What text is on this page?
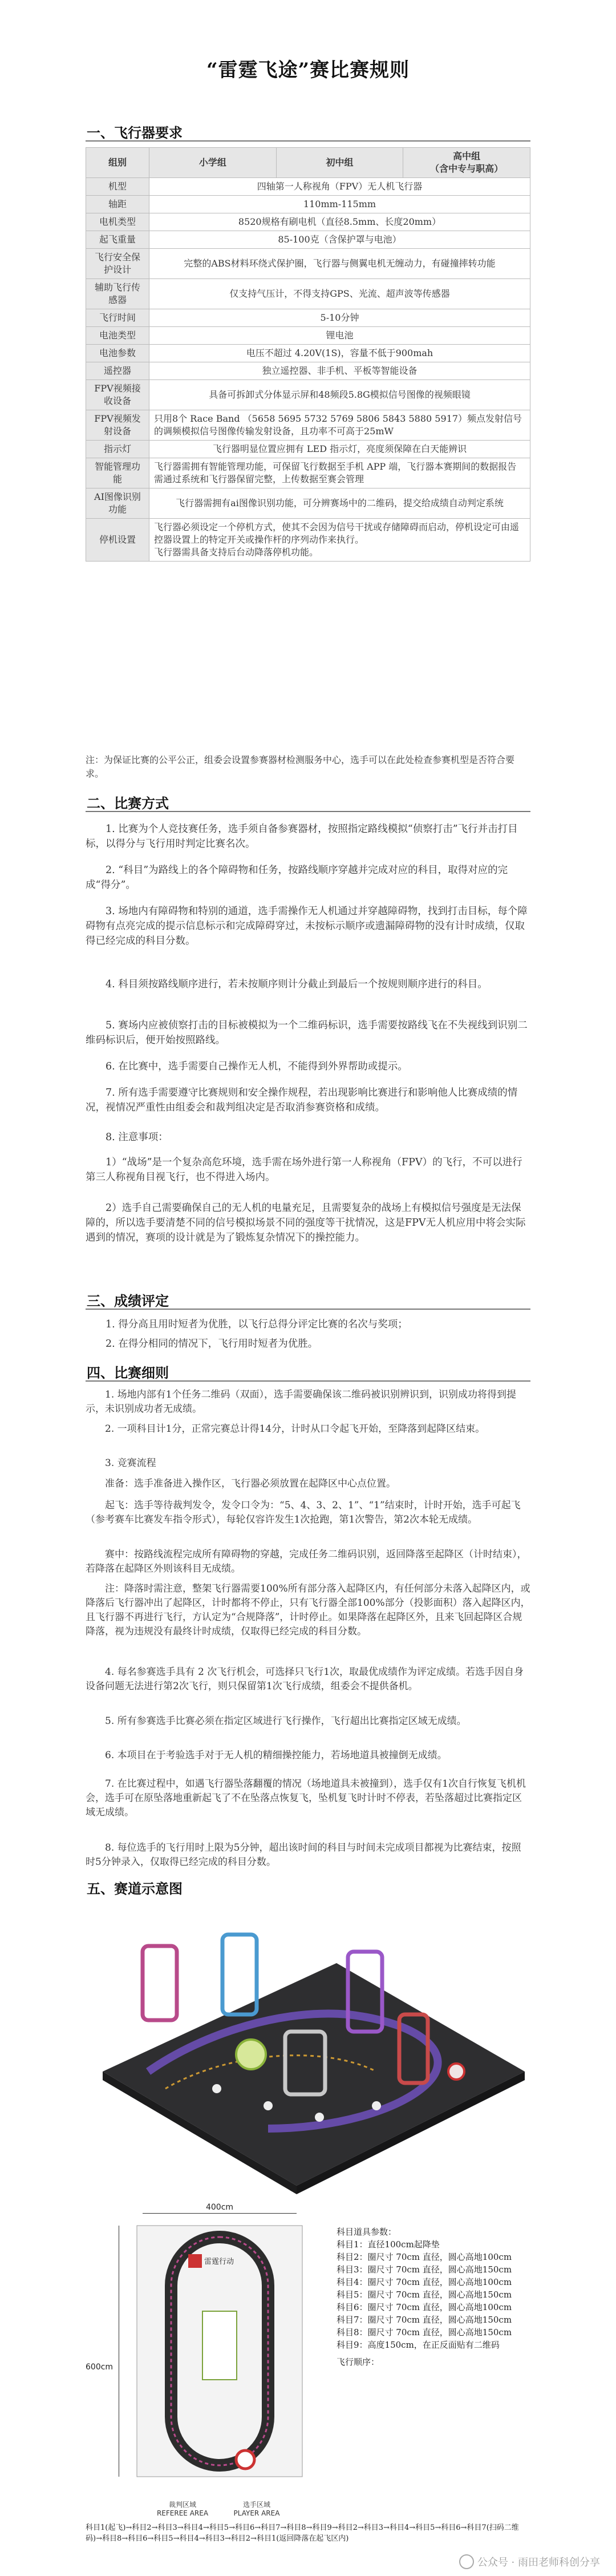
“雷霆飞途”赛比赛规则
一、飞行器要求
组别	小学组	初中组	高中组
（含中专与职高）
机型	四轴第一人称视角（FPV）无人机飞行器		
轴距	110mm-115mm		
电机类型	8520规格有刷电机（直径8.5mm、长度20mm）		
起飞重量	85-100克（含保护罩与电池）		
飞行安全保护设计	完整的ABS材料环绕式保护圈，飞行器与侧翼电机无缠动力，有碰撞摔转功能		
辅助飞行传感器	仅支持气压计，不得支持GPS、光流、超声波等传感器		
飞行时间	5-10分钟		
电池类型	锂电池		
电池参数	电压不超过 4.20V(1S)，容量不低于900mah		
遥控器	独立遥控器、非手机、平板等智能设备		
FPV视频接收设备	具备可拆卸式分体显示屏和48频段5.8G模拟信号图像的视频眼镜		
FPV视频发射设备	只用8个 Race Band （5658 5695 5732 5769 5806 5843 5880 5917）频点发射信号的调频模拟信号图像传输发射设备，且功率不可高于25mW		
指示灯	飞行器明显位置应拥有 LED 指示灯，亮度须保障在白天能辨识		
智能管理功能	飞行器需拥有智能管理功能，可保留飞行数据至手机 APP 端，飞行器本赛期间的数据报告需通过系统和飞行器保留完整，上传数据至赛会管理		
AI图像识别功能	飞行器需拥有ai图像识别功能，可分辨赛场中的二维码，提交给成绩自动判定系统		
停机设置	飞行器必须设定一个停机方式，使其不会因为信号干扰或存储障碍而启动，停机设定可由遥控器设置上的特定开关或操作杆的序列动作来执行。
飞行器需具备支持后台动降落停机功能。		
注：为保证比赛的公平公正，组委会设置参赛器材检测服务中心，选手可以在此处检查参赛机型是否符合要求。
二、比赛方式

1. 比赛为个人竞技赛任务，选手须自备参赛器材，按照指定路线模拟“侦察打击”飞行并击打目标，以得分与飞行用时判定比赛名次。

2. “科目”为路线上的各个障碍物和任务，按路线顺序穿越并完成对应的科目，取得对应的完成“得分”。

3. 场地内有障碍物和特别的通道，选手需操作无人机通过并穿越障碍物，找到打击目标，每个障碍物有点亮完成的提示信息标示和完成障碍穿过，未按标示顺序或遗漏障碍物的没有计时成绩，仅取得已经完成的科目分数。

4. 科目须按路线顺序进行，若未按顺序则计分截止到最后一个按规则顺序进行的科目。

5. 赛场内应被侦察打击的目标被模拟为一个二维码标识，选手需要按路线飞在不失视线到识别二维码标识后，便开始按照路线。

6. 在比赛中，选手需要自己操作无人机，不能得到外界帮助或提示。

7. 所有选手需要遵守比赛规则和安全操作规程，若出现影响比赛进行和影响他人比赛成绩的情况，视情况严重性由组委会和裁判组决定是否取消参赛资格和成绩。

8. 注意事项：

1）“战场”是一个复杂高危环境，选手需在场外进行第一人称视角（FPV）的飞行，不可以进行第三人称视角目视飞行，也不得进入场内。

2）选手自己需要确保自己的无人机的电量充足，且需要复杂的战场上有模拟信号强度是无法保障的，所以选手要清楚不同的信号模拟场景不同的强度等干扰情况，这是FPV无人机应用中将会实际遇到的情况，赛项的设计就是为了锻炼复杂情况下的操控能力。

三、成绩评定

1. 得分高且用时短者为优胜，以飞行总得分评定比赛的名次与奖项；

2. 在得分相同的情况下，飞行用时短者为优胜。

四、比赛细则

1. 场地内部有1个任务二维码（双面），选手需要确保该二维码被识别辨识到，识别成功将得到提示，未识别成功者无成绩。

2. 一项科目计1分，正常完赛总计得14分，计时从口令起飞开始，至降落到起降区结束。

3. 竞赛流程

准备：选手准备进入操作区，飞行器必须放置在起降区中心点位置。

起飞：选手等待裁判发令，发令口令为：“5、4、3、2、1”、“1”结束时，计时开始，选手可起飞（参考赛车比赛发车指令形式），每轮仅容许发生1次抢跑，第1次警告，第2次本轮无成绩。

赛中：按路线流程完成所有障碍物的穿越，完成任务二维码识别，返回降落至起降区（计时结束），若降落在起降区外则该科目无成绩。

注：降落时需注意，整架飞行器需要100%所有部分落入起降区内，有任何部分未落入起降区内，或降落后飞行器冲出了起降区，计时都将不停止，只有飞行器全部100%部分（投影面积）落入起降区内，且飞行器不再进行飞行，方认定为“合规降落”，计时停止。如果降落在起降区外，且来飞回起降区合规降落，视为违规没有最终计时成绩，仅取得已经完成的科目分数。

4. 每名参赛选手具有 2 次飞行机会，可选择只飞行1次，取最优成绩作为评定成绩。若选手因自身设备问题无法进行第2次飞行，则只保留第1次飞行成绩，组委会不提供备机。

5. 所有参赛选手比赛必须在指定区域进行飞行操作，飞行超出比赛指定区域无成绩。

6. 本项目在于考验选手对于无人机的精细操控能力，若场地道具被撞倒无成绩。

7. 在比赛过程中，如遇飞行器坠落翻覆的情况（场地道具未被撞到），选手仅有1次自行恢复飞机机会，选手可在原坠落地重新起飞了不在坠落点恢复飞，坠机复飞时计时不停表，若坠落超过比赛指定区域无成绩。

8. 每位选手的飞行用时上限为5分钟，超出该时间的科目与时间未完成项目都视为比赛结束，按照时5分钟录入，仅取得已经完成的科目分数。

五、赛道示意图
400cm
600cm
雷霆行动
裁判区域
REFEREE AREA
选手区域
PLAYER AREA
科目道具参数：
科目1：直径100cm起降垫
科目2：圈尺寸 70cm 直径，圆心高地100cm
科目3：圈尺寸 70cm 直径，圆心高地150cm
科目4：圈尺寸 70cm 直径，圆心高地100cm
科目5：圈尺寸 70cm 直径，圆心高地150cm
科目6：圈尺寸 70cm 直径，圆心高地100cm
科目7：圈尺寸 70cm 直径，圆心高地150cm
科目8：圈尺寸 70cm 直径，圆心高地150cm
科目9：高度150cm，在正反面贴有二维码
飞行顺序：
科目1(起飞)→科目2→科目3→科目4→科目5→科目6→科目7→科目8→科目9→科目2→科目3→科目4→科目5→科目6→科目7(扫码二维码)→科目8→科目6→科目5→科目4→科目3→科目2→科目1(返回降落在起飞区内)
公众号 · 雨田老师科创分享
